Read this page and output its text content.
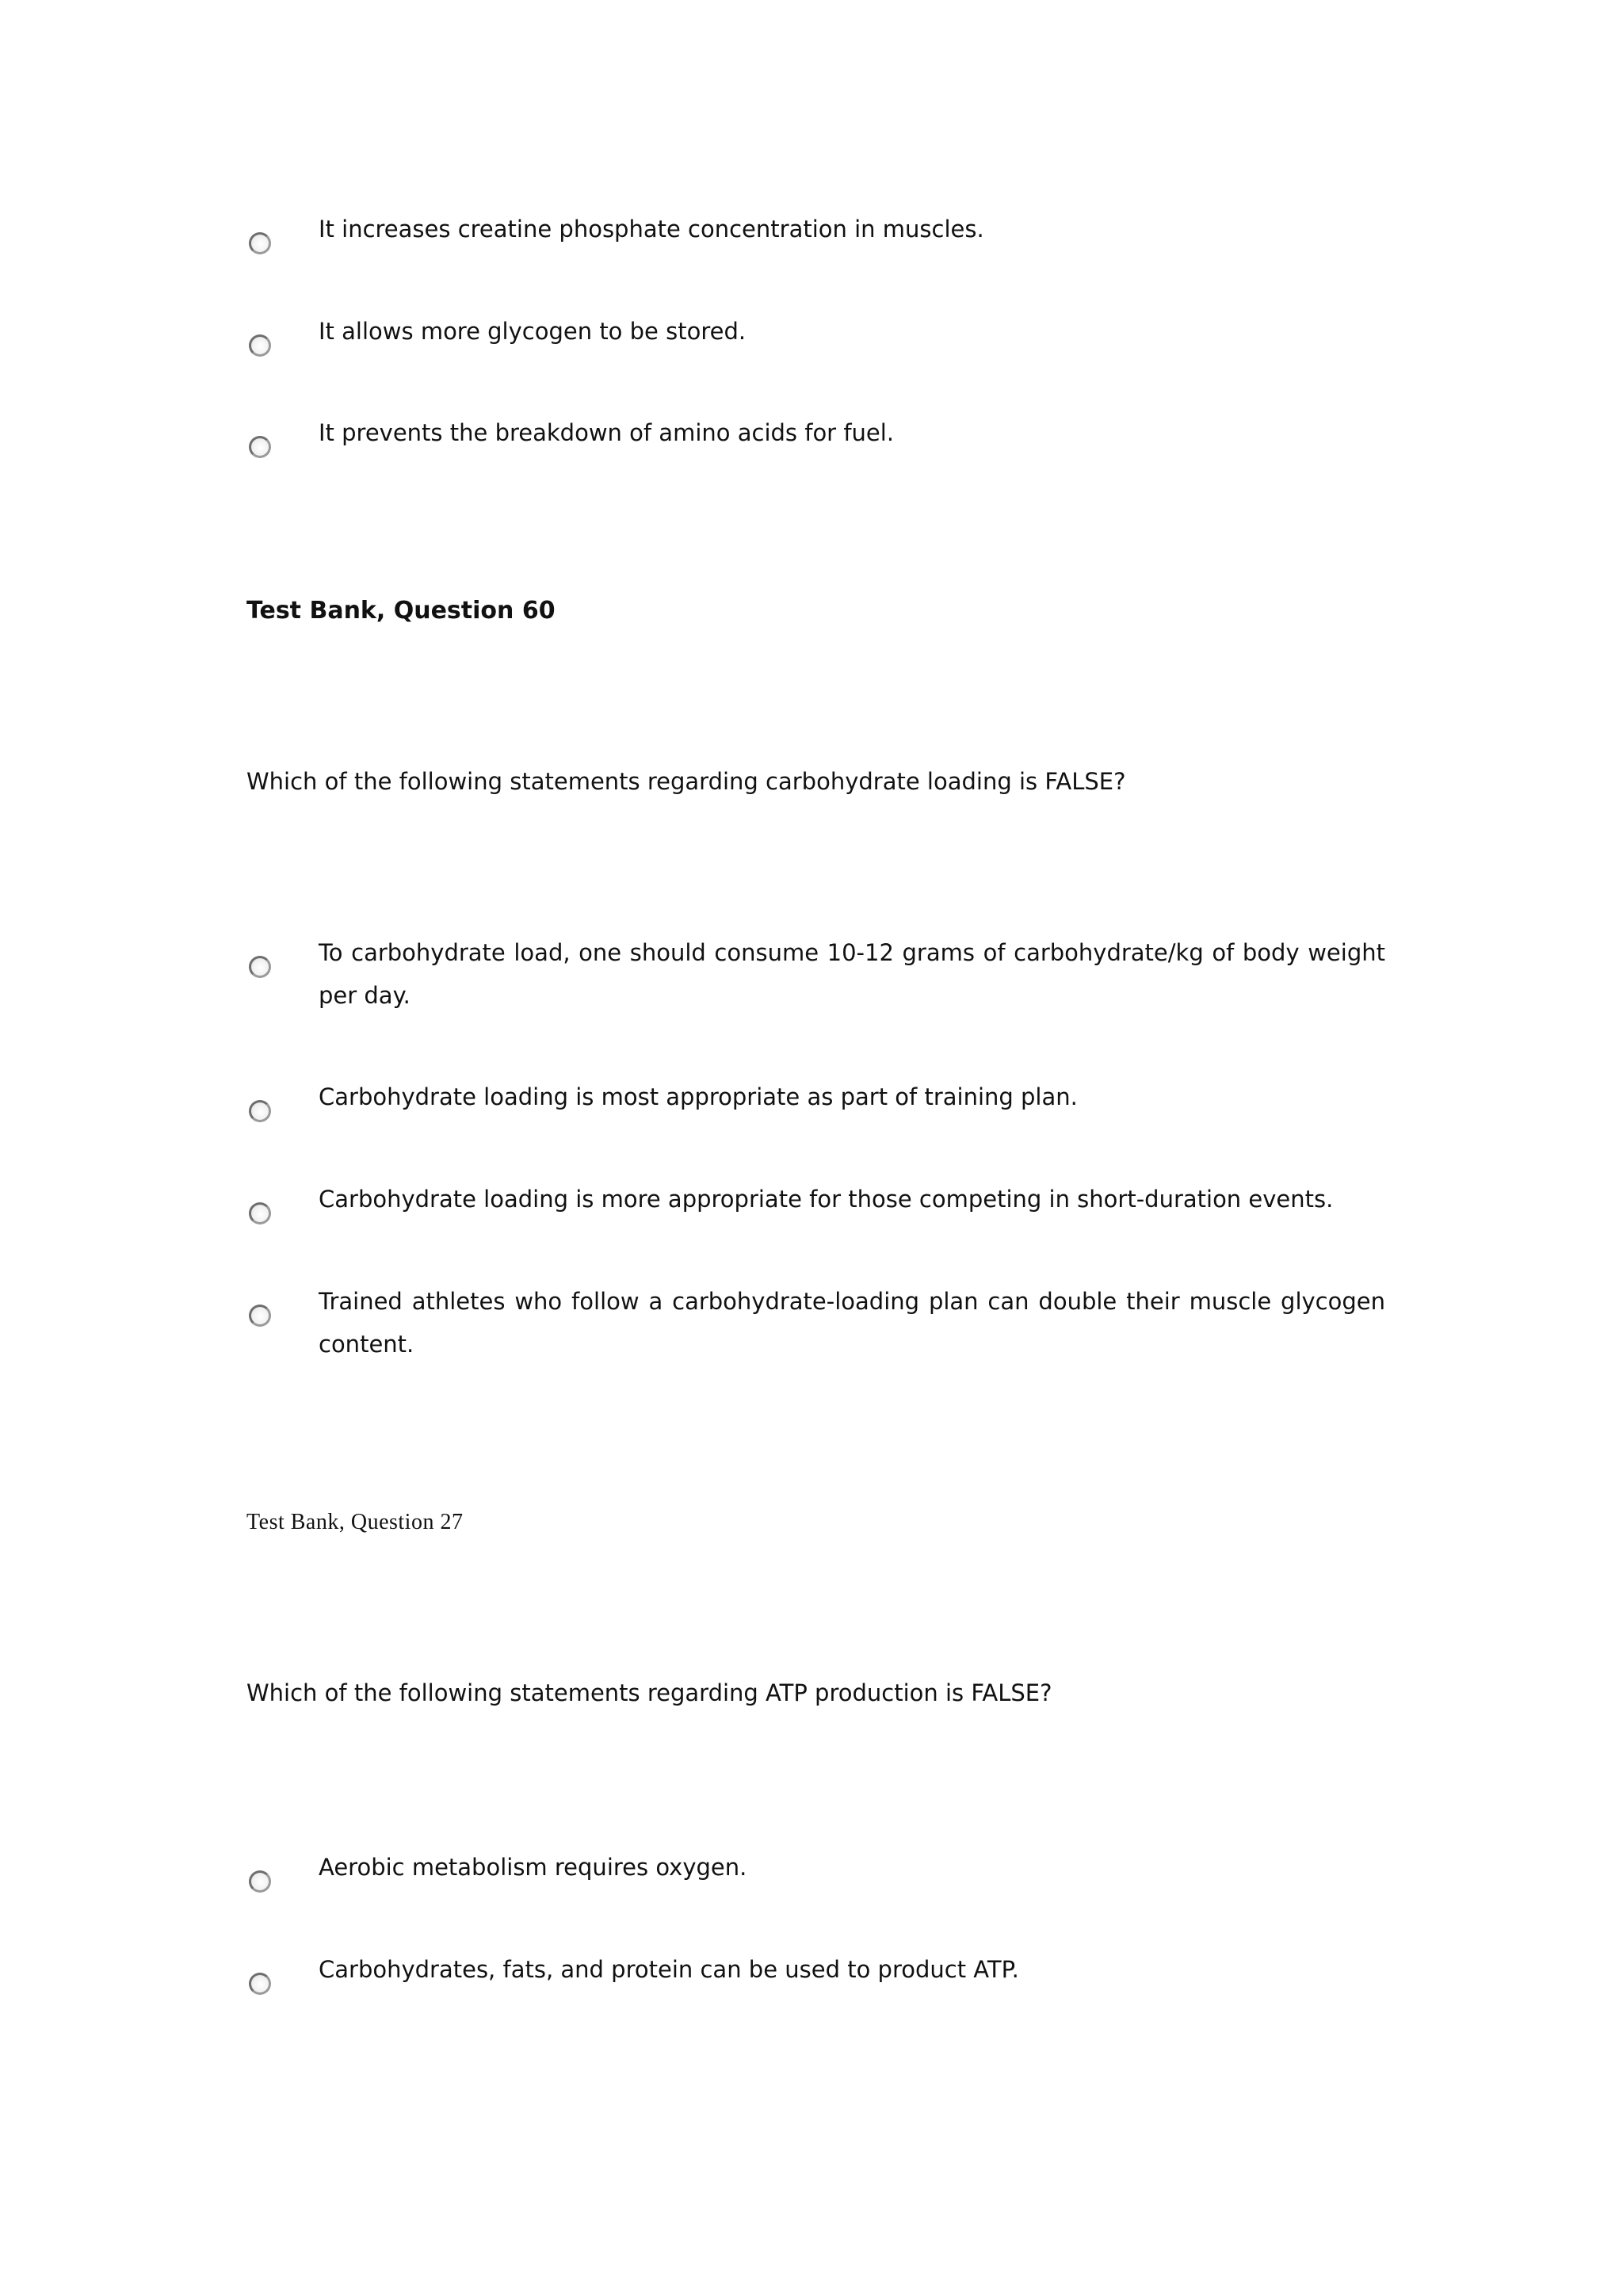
It increases creatine phosphate concentration in muscles.

It allows more glycogen to be stored.

It prevents the breakdown of amino acids for fuel.

Test Bank, Question 60

Which of the following statements regarding carbohydrate loading is FALSE?

To carbohydrate load, one should consume 10-12 grams of carbohydrate/kg of body weight per day.

Carbohydrate loading is most appropriate as part of training plan.

Carbohydrate loading is more appropriate for those competing in short-duration events.

Trained athletes who follow a carbohydrate-loading plan can double their muscle glycogen content.

Test Bank, Question 27

Which of the following statements regarding ATP production is FALSE?

Aerobic metabolism requires oxygen.

Carbohydrates, fats, and protein can be used to product ATP.
